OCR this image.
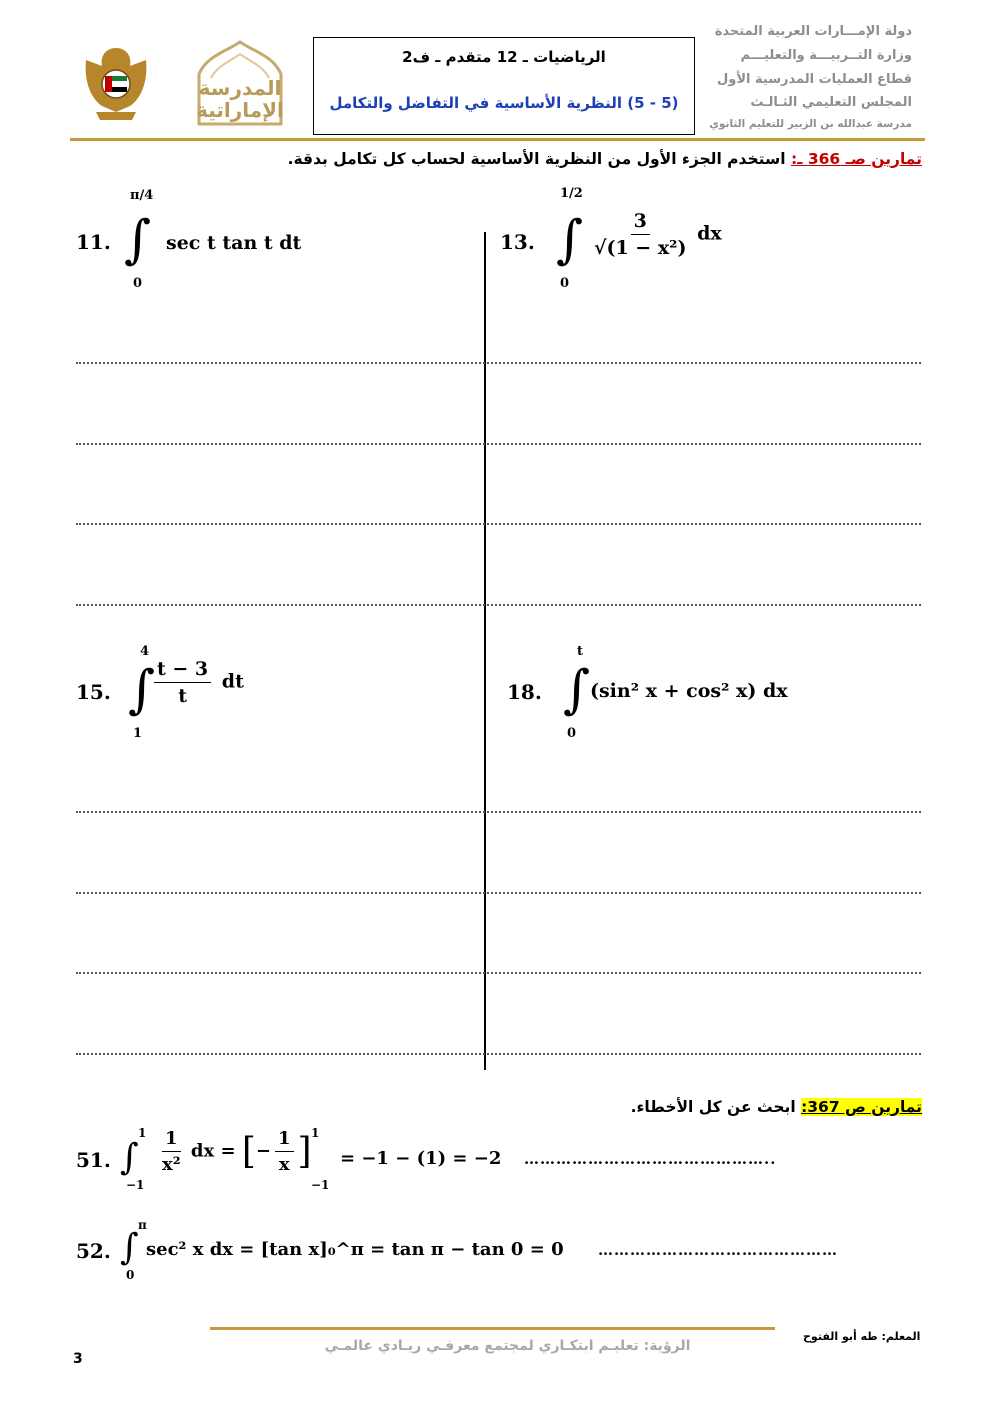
المدرسة
الإماراتية
الرياضيات ـ 12 متقدم ـ ف2
(5 - 5) النظرية الأساسية في التفاضل والتكامل
دولة الإمـــارات العربية المتحدة
وزارة التــربيـــة والتعليـــم
قطاع العمليات المدرسية الأول
المجلس التعليمي الثـالـث
مدرسة عبدالله بن الزبير للتعليم الثانوي
تمارين صـ 366 ـ: استخدم الجزء الأول من النظرية الأساسية لحساب كل تكامل بدقة.
11.
π/4
∫
0
sec t tan t dt	13.
1/2
∫
0
$\frac{3}{\text{√(1 − x²)}}$ dx
15.
4
∫
1
$\frac{t - 3}{t}$ dt	18.
t
∫
0
(sin² x + cos² x) dx
تمارين ص 367: ابحث عن كل الأخطاء.
51. ∫
1
−1
$\frac{1}{\text{x²}}$ dx = [− $\frac{1}{x}$ ] 1
−1
= −1 − (1) = −2 ………………………………………..
52. ∫
π
0
sec² x dx = [tan x]₀^π = tan π − tan 0 = 0 ………………………………………
المعلم: طه أبو الفتوح
الرؤية: تعليـم ابتكـاري لمجتمع معرفـي ريـادي عالمـي
3
